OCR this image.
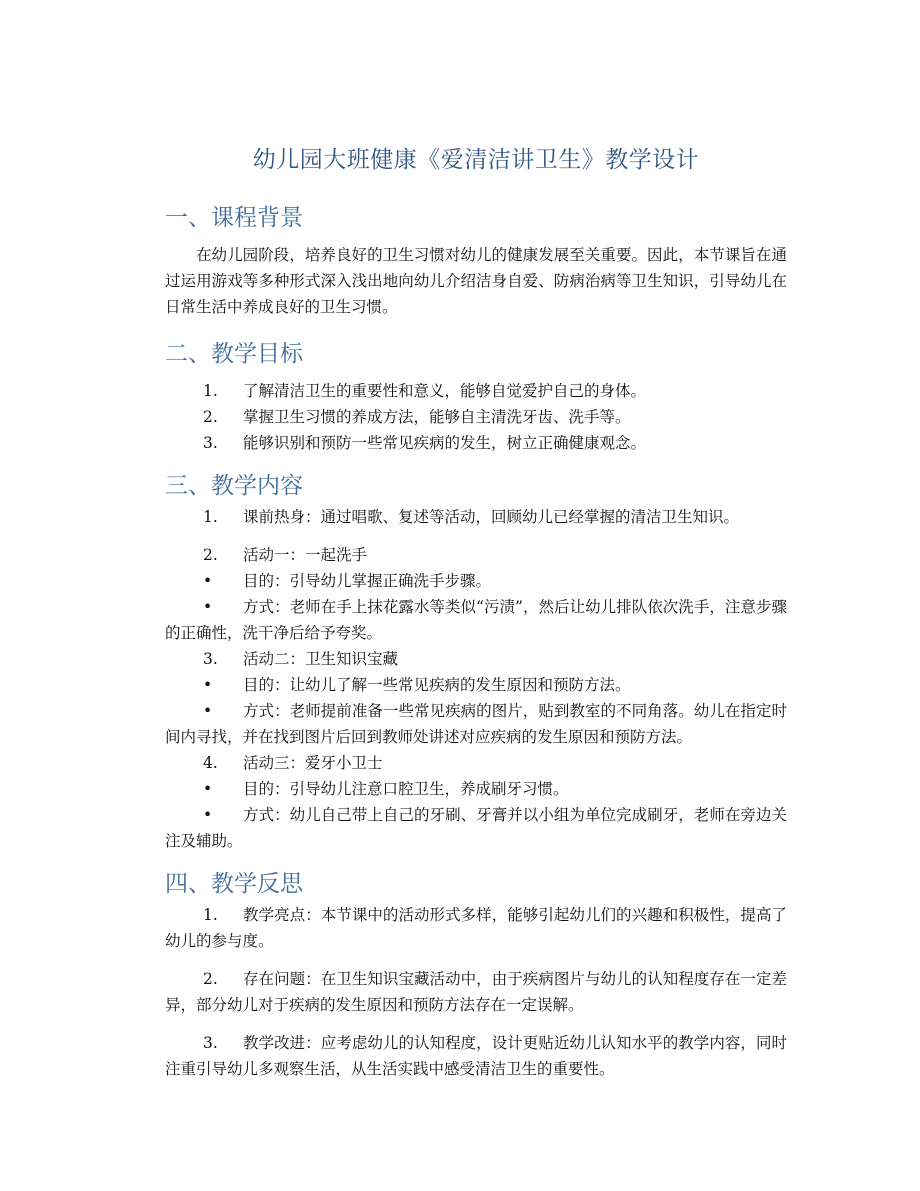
幼儿园大班健康《爱清洁讲卫生》教学设计
一、课程背景

在幼儿园阶段，培养良好的卫生习惯对幼儿的健康发展至关重要。因此，本节课旨在通过运用游戏等多种形式深入浅出地向幼儿介绍洁身自爱、防病治病等卫生知识，引导幼儿在日常生活中养成良好的卫生习惯。

二、教学目标

1. 了解清洁卫生的重要性和意义，能够自觉爱护自己的身体。

2. 掌握卫生习惯的养成方法，能够自主清洗牙齿、洗手等。

3. 能够识别和预防一些常见疾病的发生，树立正确健康观念。

三、教学内容

1. 课前热身：通过唱歌、复述等活动，回顾幼儿已经掌握的清洁卫生知识。

2. 活动一：一起洗手

• 目的：引导幼儿掌握正确洗手步骤。

• 方式：老师在手上抹花露水等类似“污渍”，然后让幼儿排队依次洗手，注意步骤的正确性，洗干净后给予夸奖。

3. 活动二：卫生知识宝藏

• 目的：让幼儿了解一些常见疾病的发生原因和预防方法。

• 方式：老师提前准备一些常见疾病的图片，贴到教室的不同角落。幼儿在指定时间内寻找，并在找到图片后回到教师处讲述对应疾病的发生原因和预防方法。

4. 活动三：爱牙小卫士

• 目的：引导幼儿注意口腔卫生，养成刷牙习惯。

• 方式：幼儿自己带上自己的牙刷、牙膏并以小组为单位完成刷牙，老师在旁边关注及辅助。

四、教学反思

1. 教学亮点：本节课中的活动形式多样，能够引起幼儿们的兴趣和积极性，提高了幼儿的参与度。

2. 存在问题：在卫生知识宝藏活动中，由于疾病图片与幼儿的认知程度存在一定差异，部分幼儿对于疾病的发生原因和预防方法存在一定误解。

3. 教学改进：应考虑幼儿的认知程度，设计更贴近幼儿认知水平的教学内容，同时注重引导幼儿多观察生活，从生活实践中感受清洁卫生的重要性。
